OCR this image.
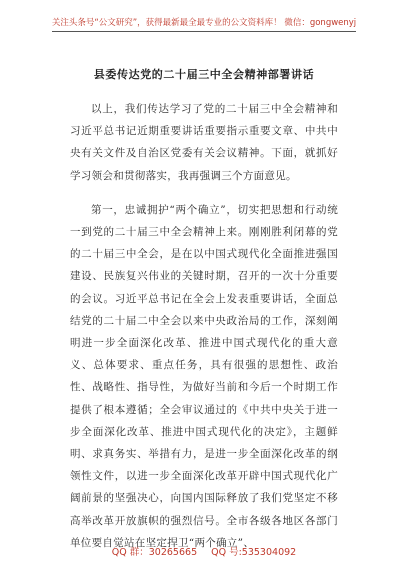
关注头条号“公文研究”，获得最新最全最专业的公文资料库！ 微信：gongwenyj
县委传达党的二十届三中全会精神部署讲话

以上，我们传达学习了党的二十届三中全会精神和习近平总书记近期重要讲话重要指示重要文章、中共中央有关文件及自治区党委有关会议精神。下面，就抓好学习领会和贯彻落实，我再强调三个方面意见。

第一，忠诚拥护“两个确立”，切实把思想和行动统一到党的二十届三中全会精神上来。刚刚胜利闭幕的党的二十届三中全会，是在以中国式现代化全面推进强国建设、民族复兴伟业的关键时期，召开的一次十分重要的会议。习近平总书记在全会上发表重要讲话，全面总结党的二十届二中全会以来中央政治局的工作，深刻阐明进一步全面深化改革、推进中国式现代化的重大意义、总体要求、重点任务，具有很强的思想性、政治性、战略性、指导性，为做好当前和今后一个时期工作提供了根本遵循；全会审议通过的《中共中央关于进一步全面深化改革、推进中国式现代化的决定》，主题鲜明、求真务实、举措有力，是进一步全面深化改革的纲领性文件，以进一步全面深化改革开辟中国式现代化广阔前景的坚强决心，向国内国际释放了我们党坚定不移高举改革开放旗帜的强烈信号。全市各级各地区各部门单位要自觉站在坚定捍卫“两个确立”、

QQ 群：30265665 QQ 号:535304092
